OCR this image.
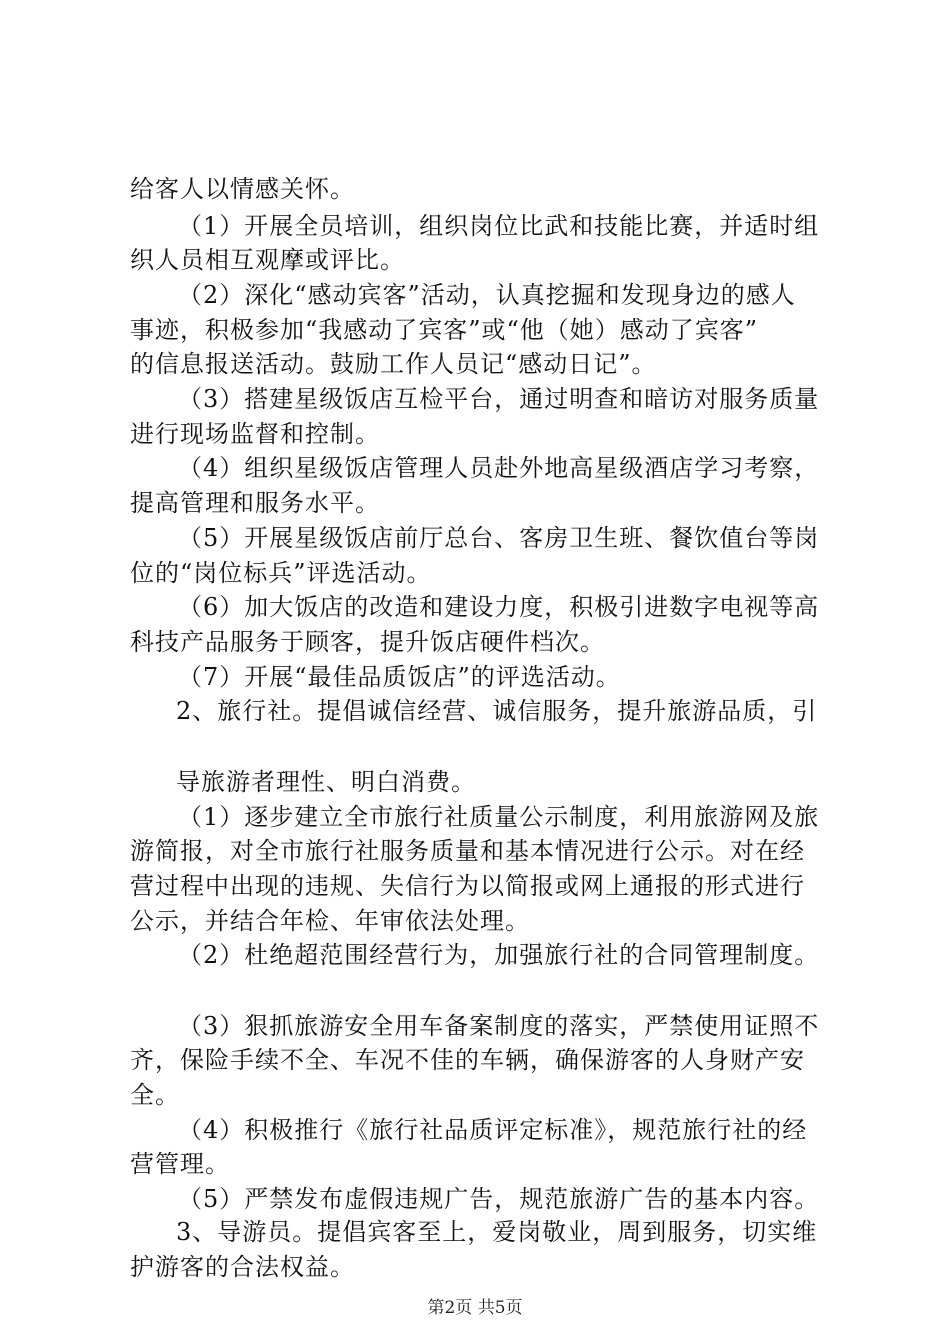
给客人以情感关怀。
（1）开展全员培训，组织岗位比武和技能比赛，并适时组
织人员相互观摩或评比。
（2）深化“感动宾客”活动，认真挖掘和发现身边的感人
事迹，积极参加“我感动了宾客”或“他（她）感动了宾客”
的信息报送活动。鼓励工作人员记“感动日记”。
（3）搭建星级饭店互检平台，通过明查和暗访对服务质量
进行现场监督和控制。
（4）组织星级饭店管理人员赴外地高星级酒店学习考察，
提高管理和服务水平。
（5）开展星级饭店前厅总台、客房卫生班、餐饮值台等岗
位的“岗位标兵”评选活动。
（6）加大饭店的改造和建设力度，积极引进数字电视等高
科技产品服务于顾客，提升饭店硬件档次。
（7）开展“最佳品质饭店”的评选活动。
2、旅行社。提倡诚信经营、诚信服务，提升旅游品质，引
导旅游者理性、明白消费。
（1）逐步建立全市旅行社质量公示制度，利用旅游网及旅
游简报，对全市旅行社服务质量和基本情况进行公示。对在经
营过程中出现的违规、失信行为以简报或网上通报的形式进行
公示，并结合年检、年审依法处理。
（2）杜绝超范围经营行为，加强旅行社的合同管理制度。
（3）狠抓旅游安全用车备案制度的落实，严禁使用证照不
齐，保险手续不全、车况不佳的车辆，确保游客的人身财产安
全。
（4）积极推行《旅行社品质评定标准》，规范旅行社的经
营管理。
（5）严禁发布虚假违规广告，规范旅游广告的基本内容。
3、导游员。提倡宾客至上，爱岗敬业，周到服务，切实维
护游客的合法权益。
第2页 共5页
